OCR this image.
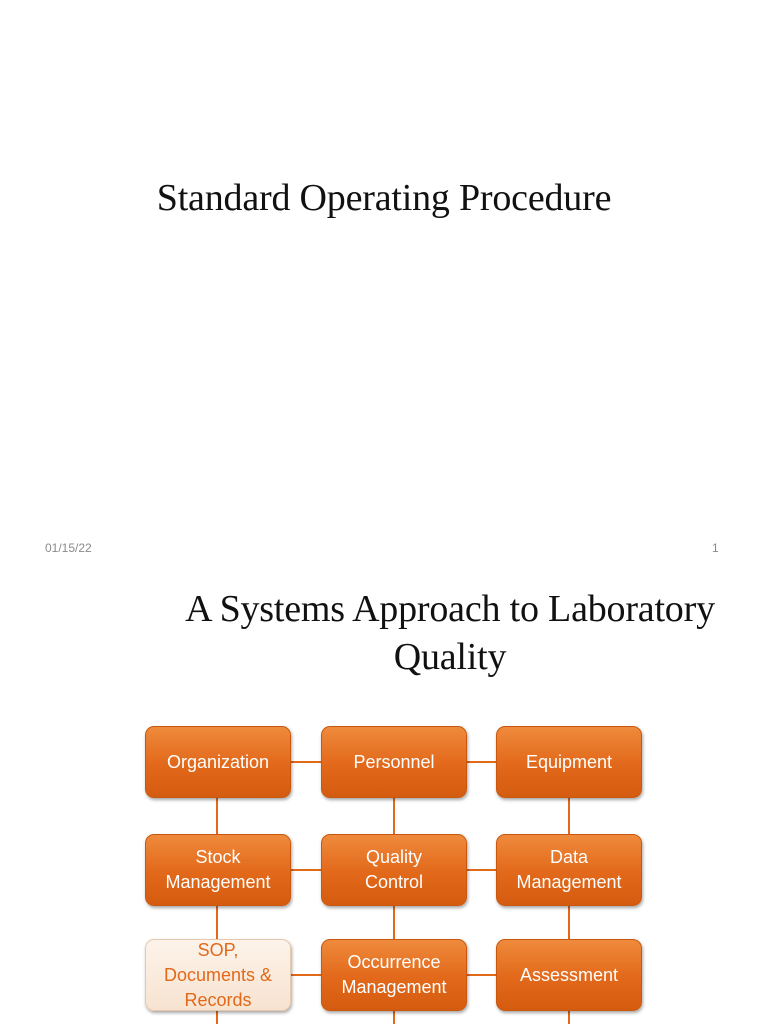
Standard Operating Procedure
01/15/22	1
A Systems Approach to Laboratory
Quality
Organization	Personnel	Equipment
Stock
Management
Quality
Control
Data
Management
SOP,
Documents &
Records
Occurrence
Management
Assessment
